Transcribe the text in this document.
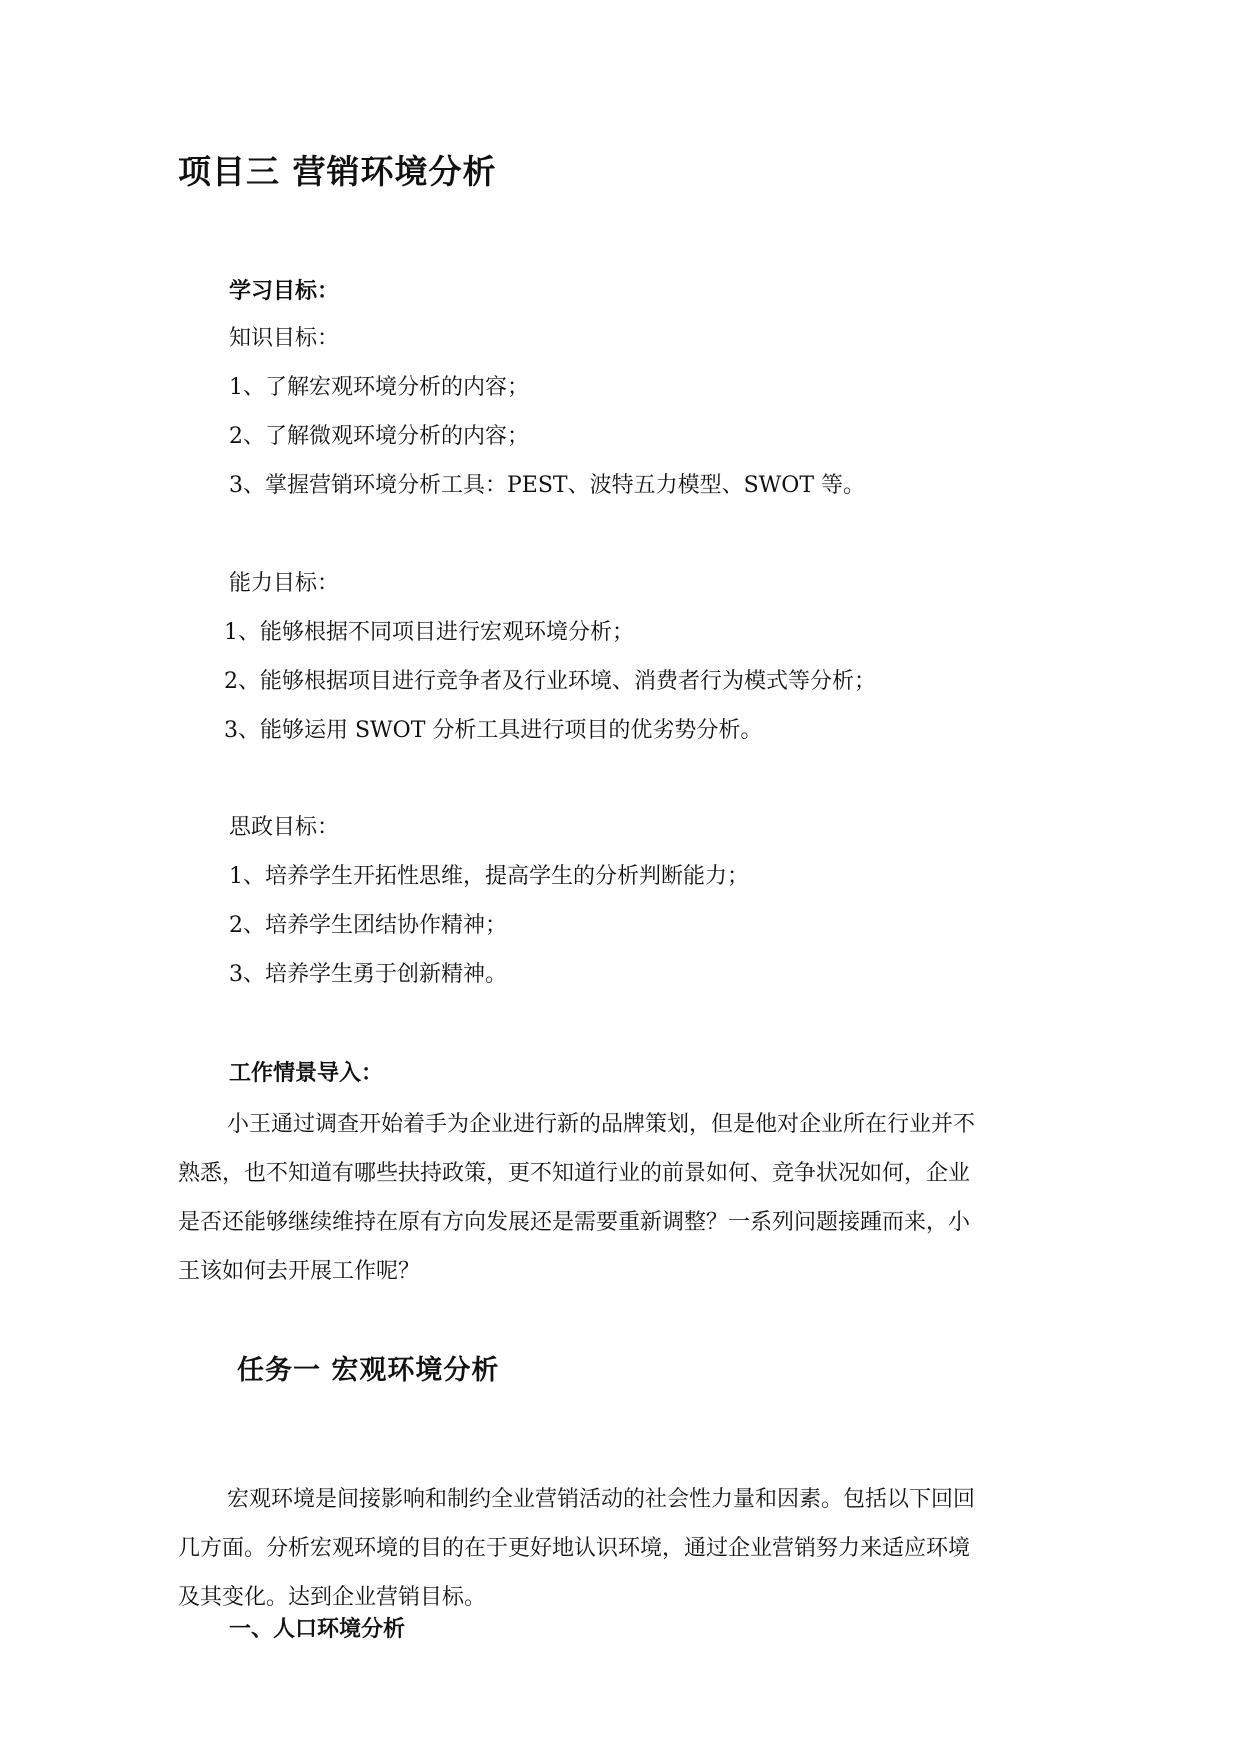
项目三 营销环境分析
学习目标：
知识目标：
1、了解宏观环境分析的内容；
2、了解微观环境分析的内容；
3、掌握营销环境分析工具：PEST、波特五力模型、SWOT 等。
能力目标：
1、能够根据不同项目进行宏观环境分析；
2、能够根据项目进行竞争者及行业环境、消费者行为模式等分析；
3、能够运用 SWOT 分析工具进行项目的优劣势分析。
思政目标：
1、培养学生开拓性思维，提高学生的分析判断能力；
2、培养学生团结协作精神；
3、培养学生勇于创新精神。
工作情景导入：
小王通过调查开始着手为企业进行新的品牌策划，但是他对企业所在行业并不
熟悉，也不知道有哪些扶持政策，更不知道行业的前景如何、竞争状况如何，企业
是否还能够继续维持在原有方向发展还是需要重新调整？一系列问题接踵而来，小
王该如何去开展工作呢？
任务一 宏观环境分析
宏观环境是间接影响和制约全业营销活动的社会性力量和因素。包括以下回回
几方面。分析宏观环境的目的在于更好地认识环境，通过企业营销努力来适应环境
及其变化。达到企业营销目标。
一、人口环境分析
